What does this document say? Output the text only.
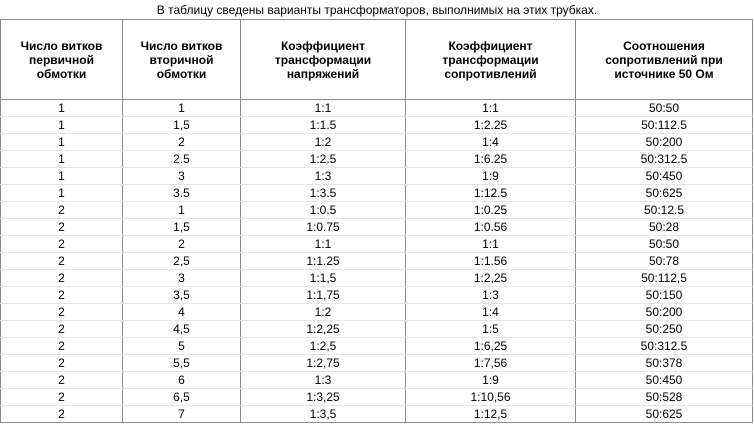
В таблицу сведены варианты трансформаторов, выполнимых на этих трубках.
Число витков первичной обмотки	Число витков вторичной обмотки	Коэффициент трансформации напряжений	Коэффициент трансформации сопротивлений	Соотношения сопротивлений при источнике 50 Ом
1	1	1:1	1:1	50:50
1	1,5	1:1.5	1:2.25	50:112.5
1	2	1:2	1:4	50:200
1	2.5	1:2.5	1:6.25	50:312.5
1	3	1:3	1:9	50:450
1	3.5	1:3.5	1:12.5	50:625
2	1	1:0.5	1:0.25	50:12.5
2	1,5	1:0.75	1:0.56	50:28
2	2	1:1	1:1	50:50
2	2,5	1:1.25	1:1.56	50:78
2	3	1:1,5	1:2,25	50:112,5
2	3,5	1:1,75	1:3	50:150
2	4	1:2	1:4	50:200
2	4,5	1:2,25	1:5	50:250
2	5	1:2,5	1:6,25	50:312.5
2	5,5	1:2,75	1:7,56	50:378
2	6	1:3	1:9	50:450
2	6,5	1:3,25	1:10,56	50:528
2	7	1:3,5	1:12,5	50:625
